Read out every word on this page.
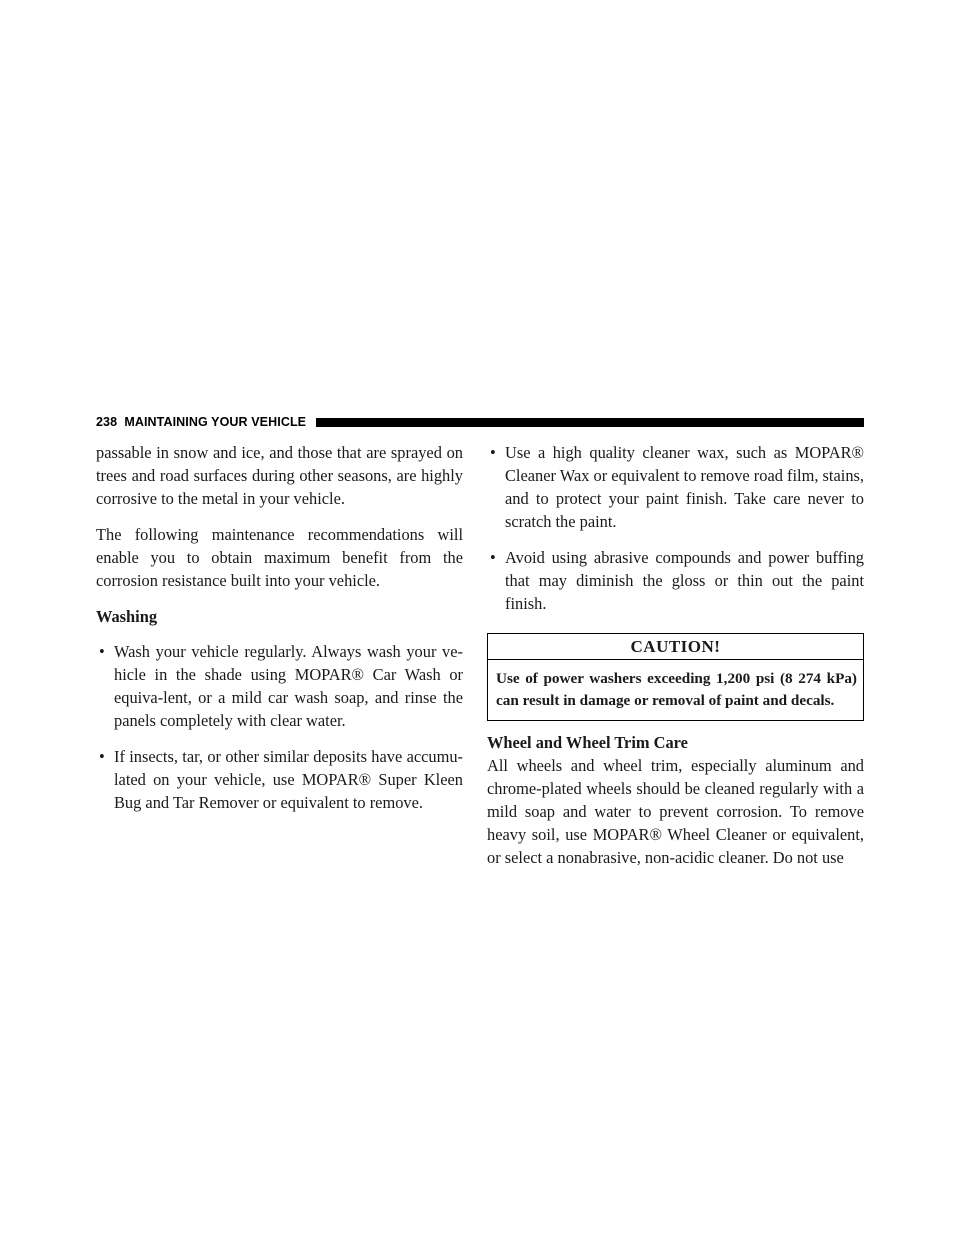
238 MAINTAINING YOUR VEHICLE

passable in snow and ice, and those that are sprayed on trees and road surfaces during other seasons, are highly corrosive to the metal in your vehicle.

The following maintenance recommendations will enable you to obtain maximum benefit from the corrosion resistance built into your vehicle.

Washing
• Wash your vehicle regularly. Always wash your ve-hicle in the shade using MOPAR® Car Wash or equiva-lent, or a mild car wash soap, and rinse the panels completely with clear water.
• If insects, tar, or other similar deposits have accumu-lated on your vehicle, use MOPAR® Super Kleen Bug and Tar Remover or equivalent to remove.
• Use a high quality cleaner wax, such as MOPAR® Cleaner Wax or equivalent to remove road film, stains, and to protect your paint finish. Take care never to scratch the paint.
• Avoid using abrasive compounds and power buffing that may diminish the gloss or thin out the paint finish.
CAUTION!
Use of power washers exceeding 1,200 psi (8 274 kPa) can result in damage or removal of paint and decals.
Wheel and Wheel Trim Care

All wheels and wheel trim, especially aluminum and chrome-plated wheels should be cleaned regularly with a mild soap and water to prevent corrosion. To remove heavy soil, use MOPAR® Wheel Cleaner or equivalent, or select a nonabrasive, non-acidic cleaner. Do not use
